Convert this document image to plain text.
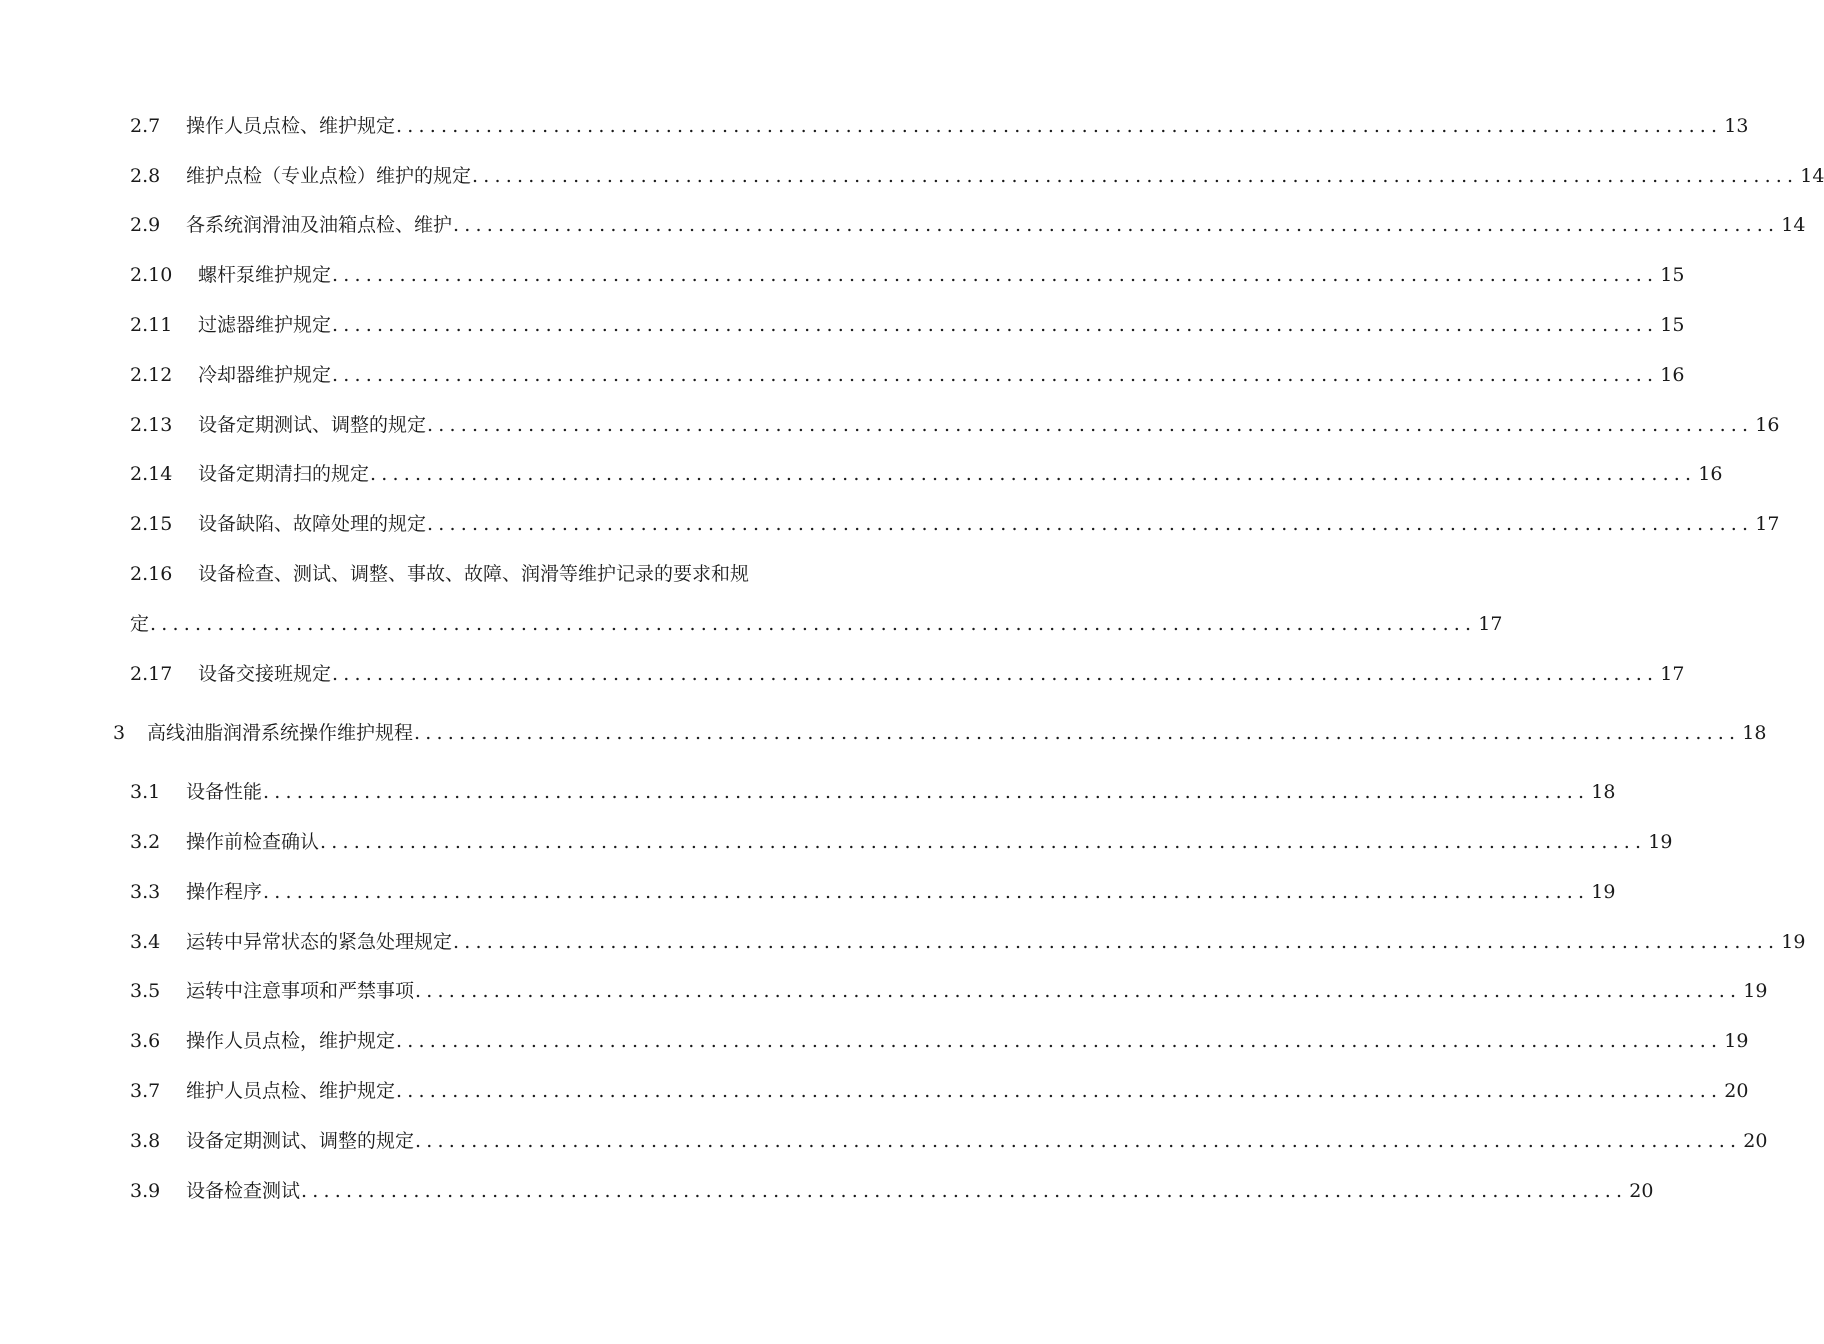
2.7	操作人员点检、维护规定 ...................................................................................................................... 13
2.8	维护点检（专业点检）维护的规定 ...................................................................................................................... 14
2.9	各系统润滑油及油箱点检、维护 ...................................................................................................................... 14
2.10	螺杆泵维护规定 ...................................................................................................................... 15
2.11	过滤器维护规定 ...................................................................................................................... 15
2.12	冷却器维护规定 ...................................................................................................................... 16
2.13	设备定期测试、调整的规定 ...................................................................................................................... 16
2.14	设备定期清扫的规定 ...................................................................................................................... 16
2.15	设备缺陷、故障处理的规定 ...................................................................................................................... 17
2.16	设备检查、测试、调整、事故、故障、润滑等维护记录的要求和规
定 ...................................................................................................................... 17
2.17	设备交接班规定 ...................................................................................................................... 17
3	高线油脂润滑系统操作维护规程 ...................................................................................................................... 18
3.1	设备性能 ...................................................................................................................... 18
3.2	操作前检查确认 ...................................................................................................................... 19
3.3	操作程序 ...................................................................................................................... 19
3.4	运转中异常状态的紧急处理规定 ...................................................................................................................... 19
3.5	运转中注意事项和严禁事项 ...................................................................................................................... 19
3.6	操作人员点检，维护规定 ...................................................................................................................... 19
3.7	维护人员点检、维护规定 ...................................................................................................................... 20
3.8	设备定期测试、调整的规定 ...................................................................................................................... 20
3.9	设备检查测试 ...................................................................................................................... 20
